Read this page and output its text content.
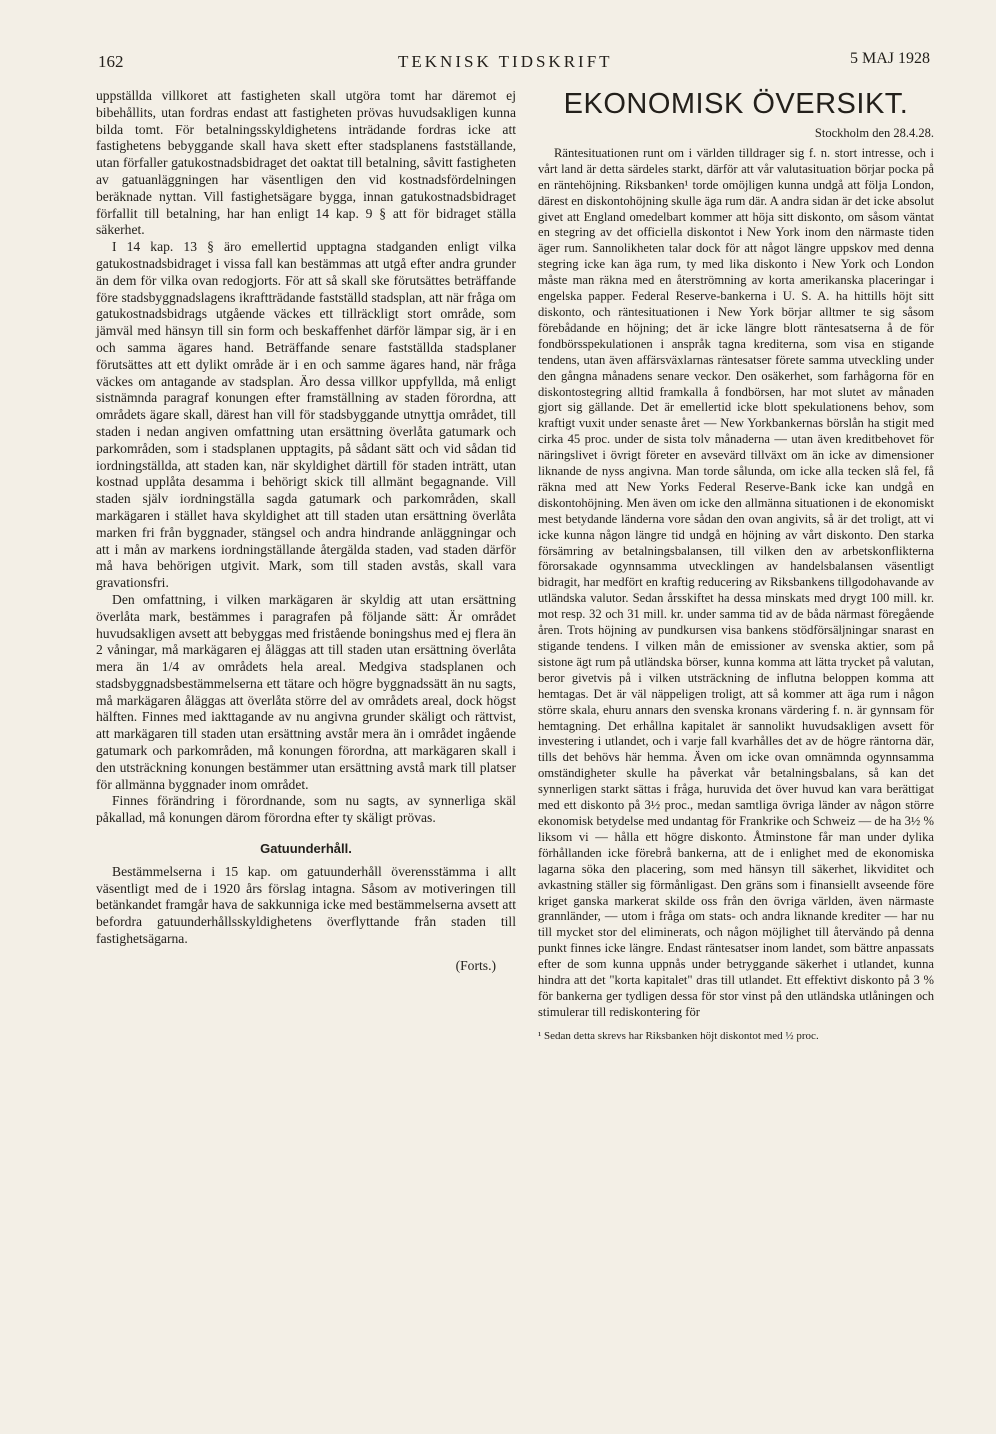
162	TEKNISK TIDSKRIFT	5 MAJ 1928

uppställda villkoret att fastigheten skall utgöra tomt har däremot ej bibehållits, utan fordras endast att fastigheten prövas huvudsakligen kunna bilda tomt. För betalningsskyldighetens inträdande fordras icke att fastighetens bebyggande skall hava skett efter stadsplanens fastställande, utan förfaller gatukostnadsbidraget det oaktat till betalning, såvitt fastigheten av gatuanläggningen har väsentligen den vid kostnadsfördelningen beräknade nyttan. Vill fastighetsägare bygga, innan gatukostnadsbidraget förfallit till betalning, har han enligt 14 kap. 9 § att för bidraget ställa säkerhet.

I 14 kap. 13 § äro emellertid upptagna stadganden enligt vilka gatukostnadsbidraget i vissa fall kan bestämmas att utgå efter andra grunder än dem för vilka ovan redogjorts. För att så skall ske förutsättes beträffande före stadsbyggnadslagens ikraftträdande fastställd stadsplan, att när fråga om gatukostnadsbidrags utgående väckes ett tillräckligt stort område, som jämväl med hänsyn till sin form och beskaffenhet därför lämpar sig, är i en och samma ägares hand. Beträffande senare fastställda stadsplaner förutsättes att ett dylikt område är i en och samme ägares hand, när fråga väckes om antagande av stadsplan. Äro dessa villkor uppfyllda, må enligt sistnämnda paragraf konungen efter framställning av staden förordna, att områdets ägare skall, därest han vill för stadsbyggande utnyttja området, till staden i nedan angiven omfattning utan ersättning överlåta gatumark och parkområden, som i stadsplanen upptagits, på sådant sätt och vid sådan tid iordningställda, att staden kan, när skyldighet därtill för staden inträtt, utan kostnad upplåta desamma i behörigt skick till allmänt begagnande. Vill staden själv iordningställa sagda gatumark och parkområden, skall markägaren i stället hava skyldighet att till staden utan ersättning överlåta marken fri från byggnader, stängsel och andra hindrande anläggningar och att i mån av markens iordningställande återgälda staden, vad staden därför må hava behörigen utgivit. Mark, som till staden avstås, skall vara gravationsfri.

Den omfattning, i vilken markägaren är skyldig att utan ersättning överlåta mark, bestämmes i paragrafen på följande sätt: Är området huvudsakligen avsett att bebyggas med fristående boningshus med ej flera än 2 våningar, må markägaren ej åläggas att till staden utan ersättning överlåta mera än 1/4 av områdets hela areal. Medgiva stadsplanen och stadsbyggnadsbestämmelserna ett tätare och högre byggnadssätt än nu sagts, må markägaren åläggas att överlåta större del av områdets areal, dock högst hälften. Finnes med iakttagande av nu angivna grunder skäligt och rättvist, att markägaren till staden utan ersättning avstår mera än i området ingående gatumark och parkområden, må konungen förordna, att markägaren skall i den utsträckning konungen bestämmer utan ersättning avstå mark till platser för allmänna byggnader inom området.

Finnes förändring i förordnande, som nu sagts, av synnerliga skäl påkallad, må konungen därom förordna efter ty skäligt prövas.

Gatuunderhåll.

Bestämmelserna i 15 kap. om gatuunderhåll överensstämma i allt väsentligt med de i 1920 års förslag intagna. Såsom av motiveringen till betänkandet framgår hava de sakkunniga icke med bestämmelserna avsett att befordra gatuunderhållsskyldighetens överflyttande från staden till fastighetsägarna.

(Forts.)
EKONOMISK ÖVERSIKT.
Stockholm den 28.4.28.

Räntesituationen runt om i världen tilldrager sig f. n. stort intresse, och i vårt land är detta särdeles starkt, därför att vår valutasituation börjar pocka på en räntehöjning. Riksbanken¹ torde omöjligen kunna undgå att följa London, därest en diskontohöjning skulle äga rum där. A andra sidan är det icke absolut givet att England omedelbart kommer att höja sitt diskonto, om såsom väntat en stegring av det officiella diskontot i New York inom den närmaste tiden äger rum. Sannolikheten talar dock för att något längre uppskov med denna stegring icke kan äga rum, ty med lika diskonto i New York och London måste man räkna med en återströmning av korta amerikanska placeringar i engelska papper. Federal Reserve-bankerna i U. S. A. ha hittills höjt sitt diskonto, och räntesituationen i New York börjar alltmer te sig såsom förebådande en höjning; det är icke längre blott räntesatserna å de för fondbörsspekulationen i anspråk tagna krediterna, som visa en stigande tendens, utan även affärsväxlarnas räntesatser förete samma utveckling under den gångna månadens senare veckor. Den osäkerhet, som farhågorna för en diskontostegring alltid framkalla å fondbörsen, har mot slutet av månaden gjort sig gällande. Det är emellertid icke blott spekulationens behov, som kraftigt vuxit under senaste året — New Yorkbankernas börslån ha stigit med cirka 45 proc. under de sista tolv månaderna — utan även kreditbehovet för näringslivet i övrigt företer en avsevärd tillväxt om än icke av dimensioner liknande de nyss angivna. Man torde sålunda, om icke alla tecken slå fel, få räkna med att New Yorks Federal Reserve-Bank icke kan undgå en diskontohöjning. Men även om icke den allmänna situationen i de ekonomiskt mest betydande länderna vore sådan den ovan angivits, så är det troligt, att vi icke kunna någon längre tid undgå en höjning av vårt diskonto. Den starka försämring av betalningsbalansen, till vilken den av arbetskonflikterna förorsakade ogynnsamma utvecklingen av handelsbalansen väsentligt bidragit, har medfört en kraftig reducering av Riksbankens tillgodohavande av utländska valutor. Sedan årsskiftet ha dessa minskats med drygt 100 mill. kr. mot resp. 32 och 31 mill. kr. under samma tid av de båda närmast föregående åren. Trots höjning av pundkursen visa bankens stödförsäljningar snarast en stigande tendens. I vilken mån de emissioner av svenska aktier, som på sistone ägt rum på utländska börser, kunna komma att lätta trycket på valutan, beror givetvis på i vilken utsträckning de influtna beloppen komma att hemtagas. Det är väl näppeligen troligt, att så kommer att äga rum i någon större skala, ehuru annars den svenska kronans värdering f. n. är gynnsam för hemtagning. Det erhållna kapitalet är sannolikt huvudsakligen avsett för investering i utlandet, och i varje fall kvarhålles det av de högre räntorna där, tills det behövs här hemma. Även om icke ovan omnämnda ogynnsamma omständigheter skulle ha påverkat vår betalningsbalans, så kan det synnerligen starkt sättas i fråga, huruvida det över huvud kan vara berättigat med ett diskonto på 3½ proc., medan samtliga övriga länder av någon större ekonomisk betydelse med undantag för Frankrike och Schweiz — de ha 3½ % liksom vi — hålla ett högre diskonto. Åtminstone får man under dylika förhållanden icke förebrå bankerna, att de i enlighet med de ekonomiska lagarna söka den placering, som med hänsyn till säkerhet, likviditet och avkastning ställer sig förmånligast. Den gräns som i finansiellt avseende före kriget ganska markerat skilde oss från den övriga världen, även närmaste grannländer, — utom i fråga om stats- och andra liknande krediter — har nu till mycket stor del eliminerats, och någon möjlighet till återvändo på denna punkt finnes icke längre. Endast räntesatser inom landet, som bättre anpassats efter de som kunna uppnås under betryggande säkerhet i utlandet, kunna hindra att det "korta kapitalet" dras till utlandet. Ett effektivt diskonto på 3 % för bankerna ger tydligen dessa för stor vinst på den utländska utlåningen och stimulerar till rediskontering för

¹ Sedan detta skrevs har Riksbanken höjt diskontot med ½ proc.
